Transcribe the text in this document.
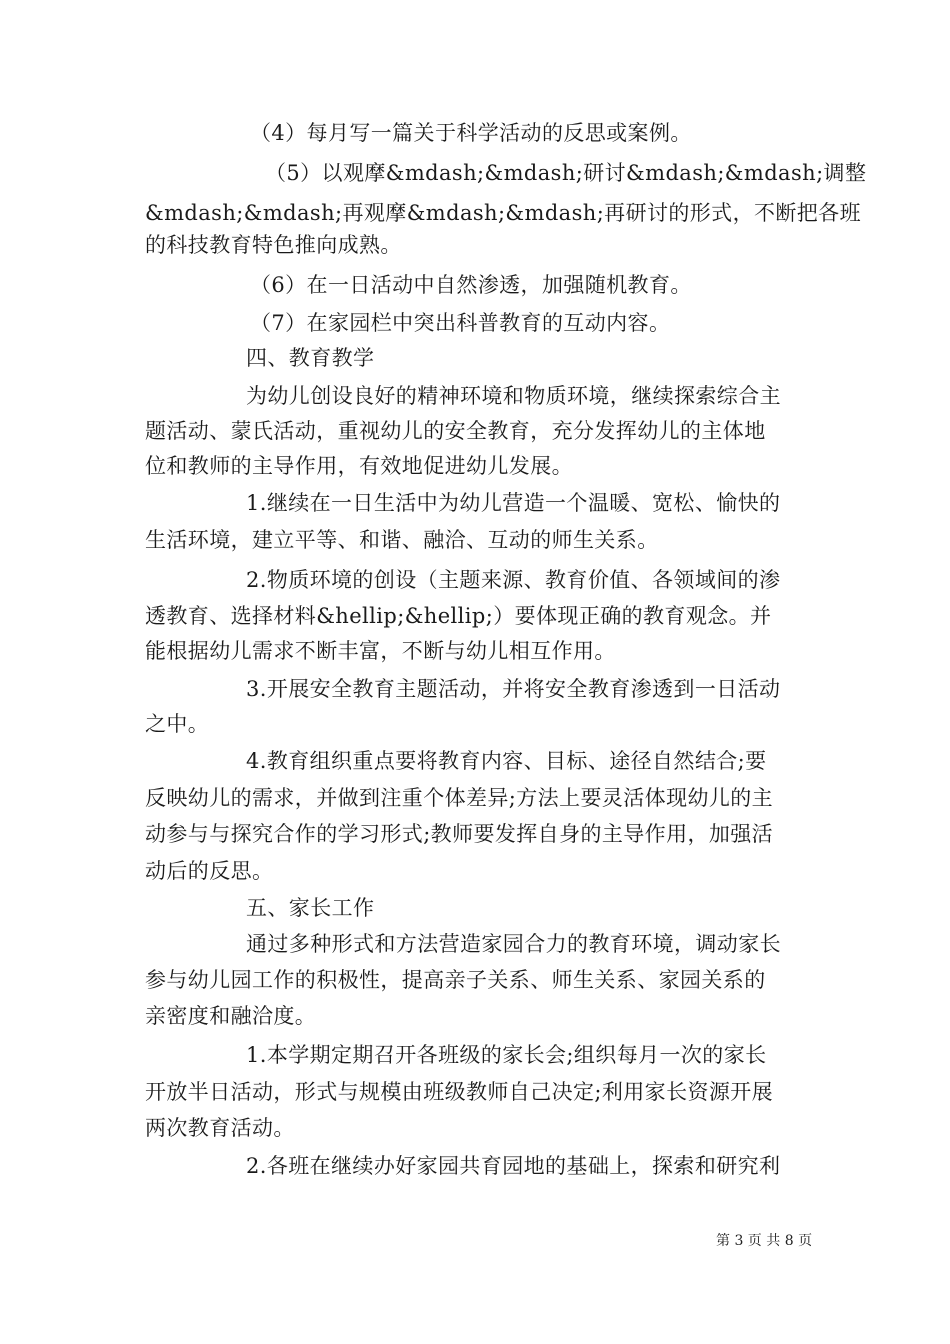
（4）每月写一篇关于科学活动的反思或案例。
（5）以观摩&mdash;&mdash;研讨&mdash;&mdash;调整
&mdash;&mdash;再观摩&mdash;&mdash;再研讨的形式，不断把各班
的科技教育特色推向成熟。
（6）在一日活动中自然渗透，加强随机教育。
（7）在家园栏中突出科普教育的互动内容。
四、教育教学
为幼儿创设良好的精神环境和物质环境，继续探索综合主
题活动、蒙氏活动，重视幼儿的安全教育，充分发挥幼儿的主体地
位和教师的主导作用，有效地促进幼儿发展。
1.继续在一日生活中为幼儿营造一个温暖、宽松、愉快的
生活环境，建立平等、和谐、融洽、互动的师生关系。
2.物质环境的创设（主题来源、教育价值、各领域间的渗
透教育、选择材料&hellip;&hellip;）要体现正确的教育观念。并
能根据幼儿需求不断丰富，不断与幼儿相互作用。
3.开展安全教育主题活动，并将安全教育渗透到一日活动
之中。
4.教育组织重点要将教育内容、目标、途径自然结合;要
反映幼儿的需求，并做到注重个体差异;方法上要灵活体现幼儿的主
动参与与探究合作的学习形式;教师要发挥自身的主导作用，加强活
动后的反思。
五、家长工作
通过多种形式和方法营造家园合力的教育环境，调动家长
参与幼儿园工作的积极性，提高亲子关系、师生关系、家园关系的
亲密度和融洽度。
1.本学期定期召开各班级的家长会;组织每月一次的家长
开放半日活动，形式与规模由班级教师自己决定;利用家长资源开展
两次教育活动。
2.各班在继续办好家园共育园地的基础上，探索和研究利
第 3 页 共 8 页
